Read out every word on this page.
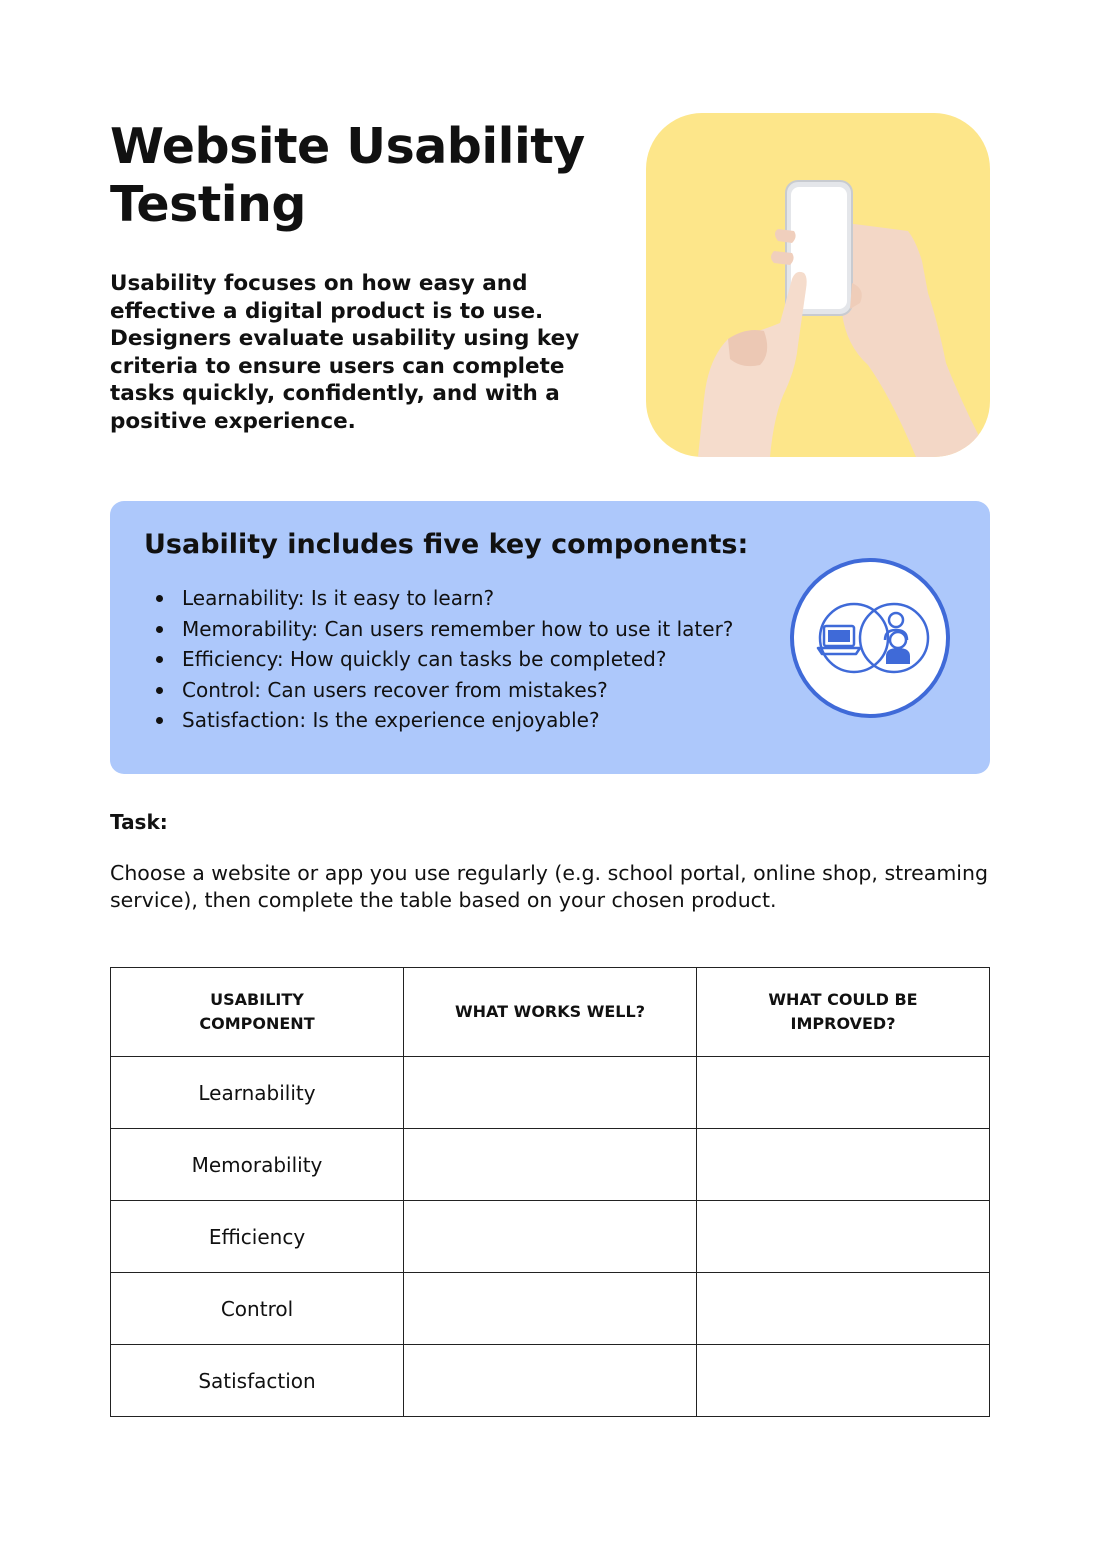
Website Usability Testing

Usability focuses on how easy and effective a digital product is to use. Designers evaluate usability using key criteria to ensure users can complete tasks quickly, confidently, and with a positive experience.

Usability includes five key components:
Learnability: Is it easy to learn?
Memorability: Can users remember how to use it later?
Efficiency: How quickly can tasks be completed?
Control: Can users recover from mistakes?
Satisfaction: Is the experience enjoyable?

Task:

Choose a website or app you use regularly (e.g. school portal, online shop, streaming service), then complete the table based on your chosen product.

USABILITY COMPONENT	WHAT WORKS WELL?	WHAT COULD BE IMPROVED?
Learnability		
Memorability		
Efficiency		
Control		
Satisfaction		
